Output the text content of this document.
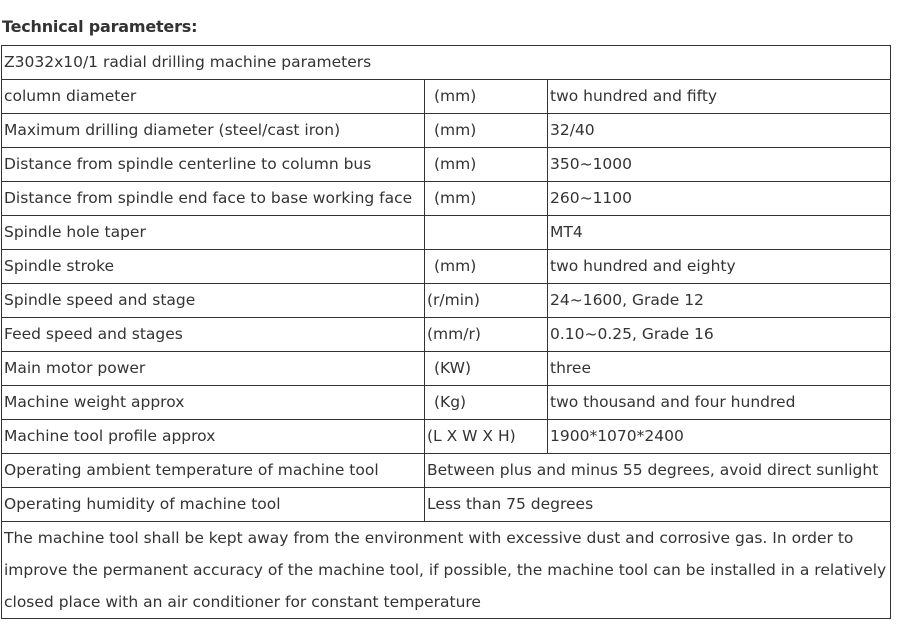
Technical parameters:
Z3032x10/1 radial drilling machine parameters		
column diameter	(mm)	two hundred and fifty
Maximum drilling diameter (steel/cast iron)	(mm)	32/40
Distance from spindle centerline to column bus	(mm)	350~1000
Distance from spindle end face to base working face	(mm)	260~1100
Spindle hole taper		MT4
Spindle stroke	(mm)	two hundred and eighty
Spindle speed and stage	(r/min)	24~1600, Grade 12
Feed speed and stages	(mm/r)	0.10~0.25, Grade 16
Main motor power	(KW)	three
Machine weight approx	(Kg)	two thousand and four hundred
Machine tool profile approx	(L X W X H)	1900*1070*2400
Operating ambient temperature of machine tool	Between plus and minus 55 degrees, avoid direct sunlight	
Operating humidity of machine tool	Less than 75 degrees	
The machine tool shall be kept away from the environment with excessive dust and corrosive gas. In order to improve the permanent accuracy of the machine tool, if possible, the machine tool can be installed in a relatively closed place with an air conditioner for constant temperature		
